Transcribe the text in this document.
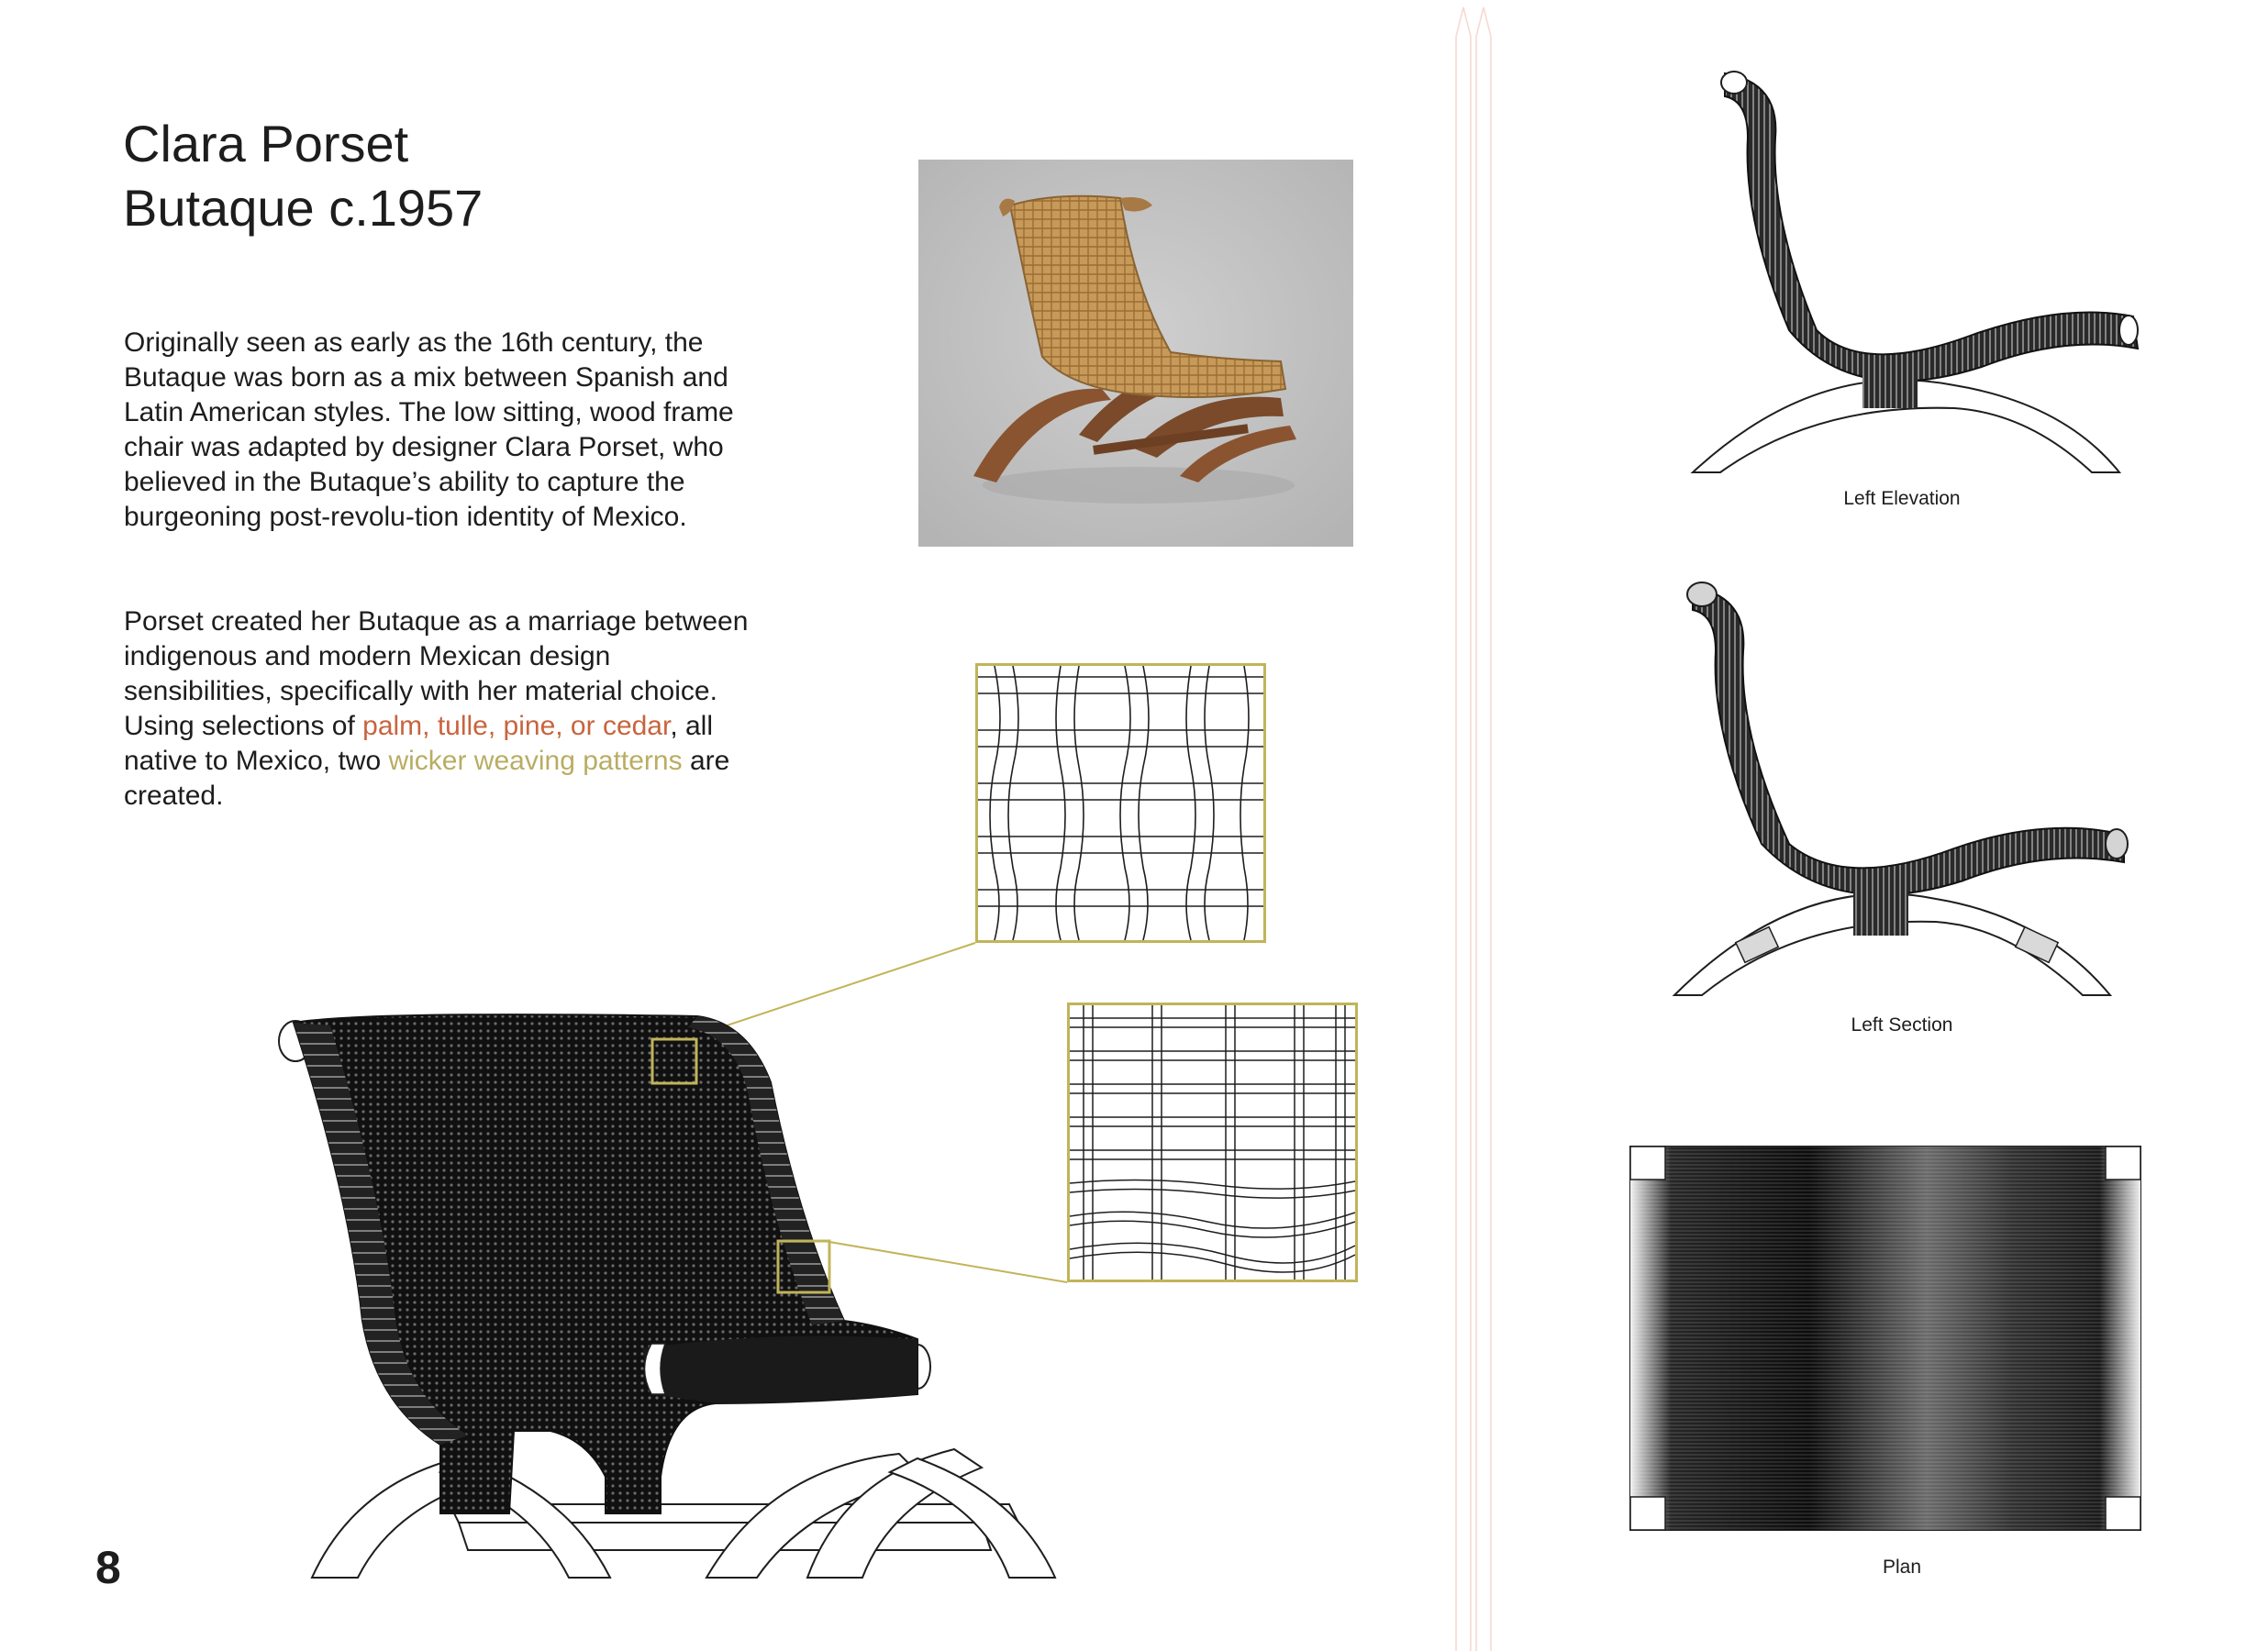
Clara Porset
Butaque c.1957

Originally seen as early as the 16th century, the Butaque was born as a mix between Spanish and Latin American styles. The low sitting, wood frame chair was adapted by designer Clara Porset, who believed in the Butaque’s ability to capture the burgeoning post-revolu-tion identity of Mexico.

Porset created her Butaque as a marriage between indigenous and modern Mexican design sensibilities, specifically with her material choice. Using selections of palm, tulle, pine, or cedar, all native to Mexico, two wicker weaving patterns are created.

Left Elevation
Left Section
Plan
8
